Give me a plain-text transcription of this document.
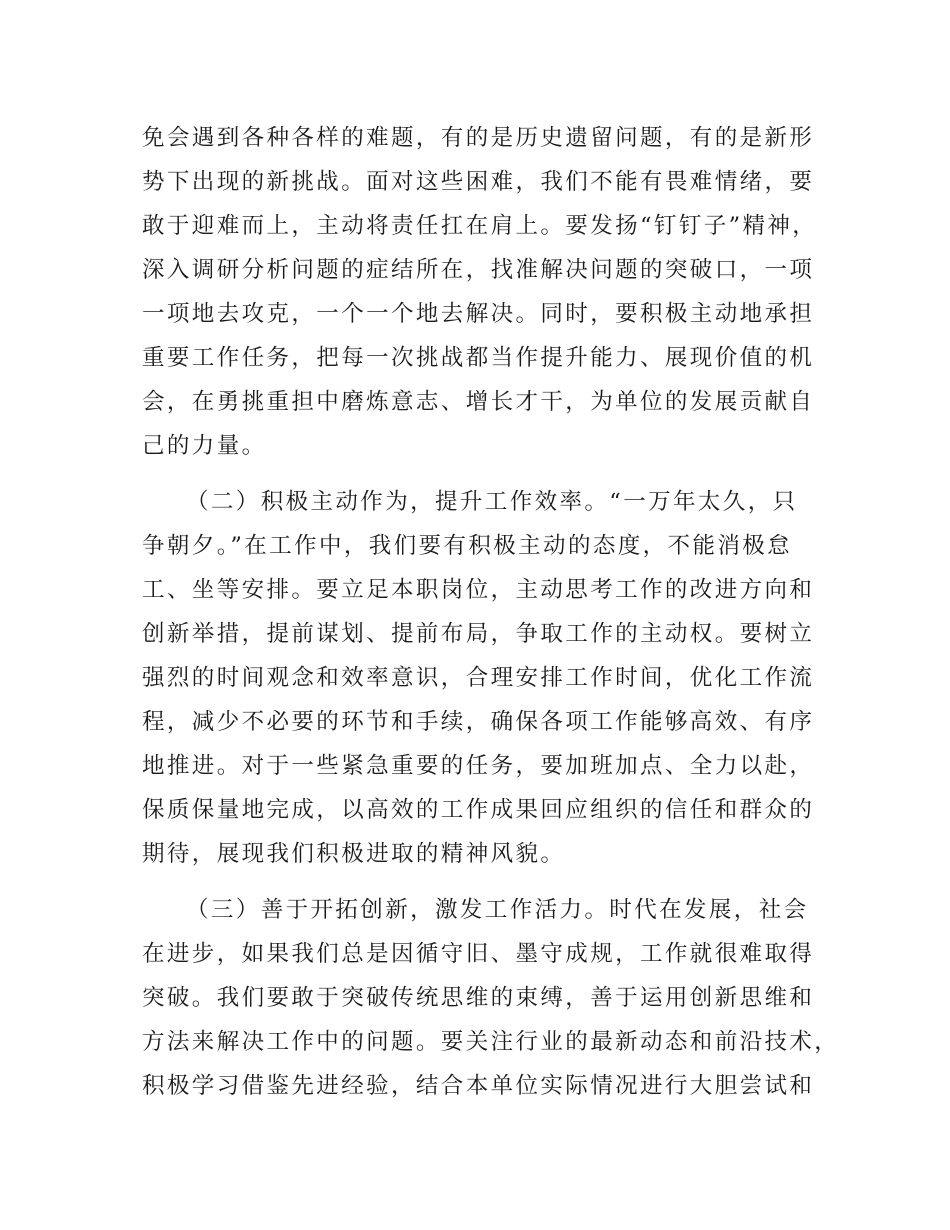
免会遇到各种各样的难题，有的是历史遗留问题，有的是新形
势下出现的新挑战。面对这些困难，我们不能有畏难情绪，要
敢于迎难而上，主动将责任扛在肩上。要发扬“钉钉子”精神，
深入调研分析问题的症结所在，找准解决问题的突破口，一项
一项地去攻克，一个一个地去解决。同时，要积极主动地承担
重要工作任务，把每一次挑战都当作提升能力、展现价值的机
会，在勇挑重担中磨炼意志、增长才干，为单位的发展贡献自
己的力量。
（二）积极主动作为，提升工作效率。“一万年太久，只
争朝夕。”在工作中，我们要有积极主动的态度，不能消极怠
工、坐等安排。要立足本职岗位，主动思考工作的改进方向和
创新举措，提前谋划、提前布局，争取工作的主动权。要树立
强烈的时间观念和效率意识，合理安排工作时间，优化工作流
程，减少不必要的环节和手续，确保各项工作能够高效、有序
地推进。对于一些紧急重要的任务，要加班加点、全力以赴，
保质保量地完成，以高效的工作成果回应组织的信任和群众的
期待，展现我们积极进取的精神风貌。
（三）善于开拓创新，激发工作活力。时代在发展，社会
在进步，如果我们总是因循守旧、墨守成规，工作就很难取得
突破。我们要敢于突破传统思维的束缚，善于运用创新思维和
方法来解决工作中的问题。要关注行业的最新动态和前沿技术，
积极学习借鉴先进经验，结合本单位实际情况进行大胆尝试和
